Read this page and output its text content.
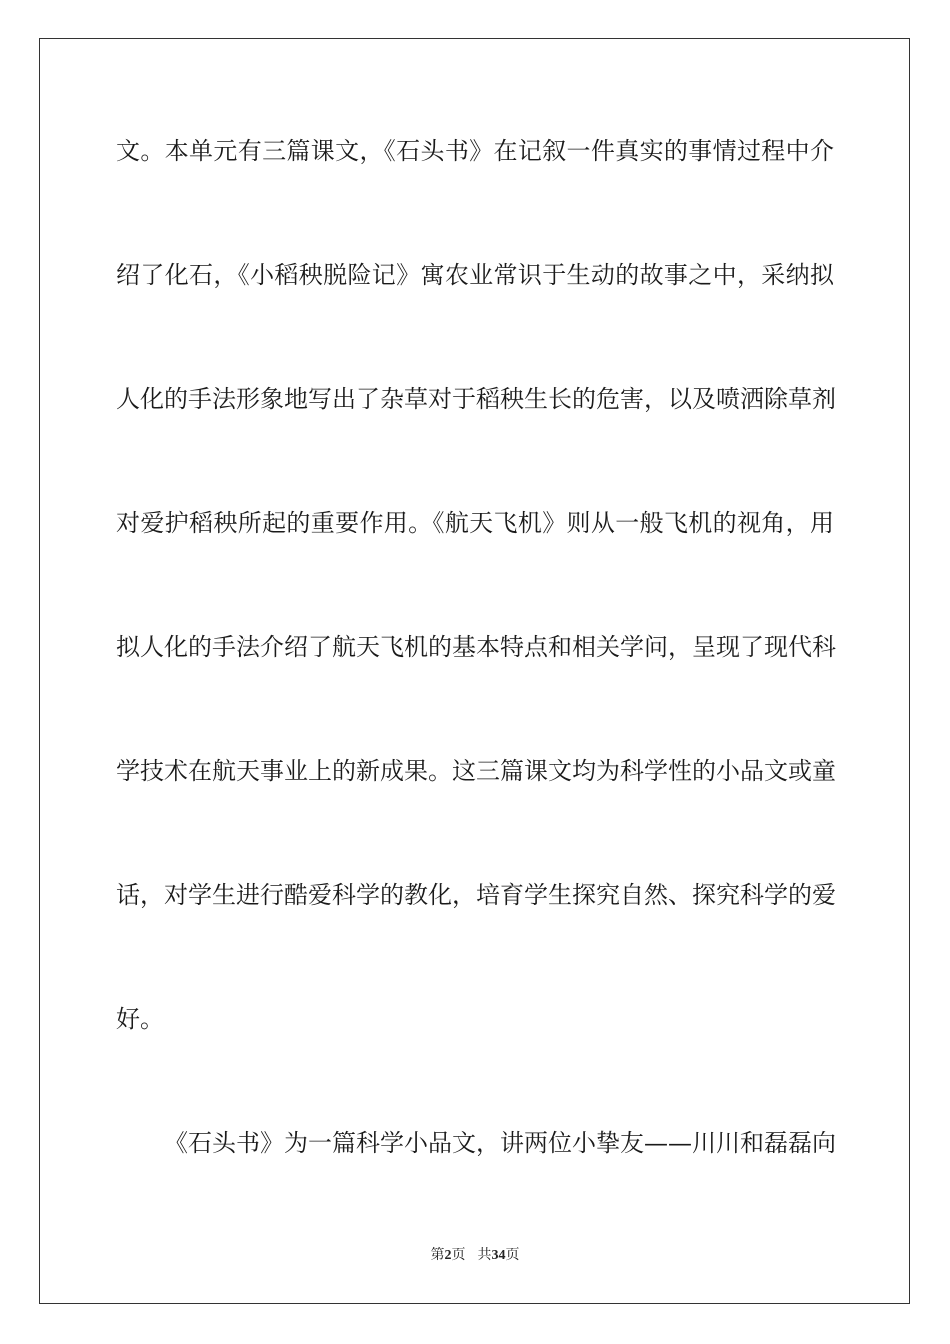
文。本单元有三篇课文，《石头书》在记叙一件真实的事情过程中介
绍了化石，《小稻秧脱险记》寓农业常识于生动的故事之中，采纳拟
人化的手法形象地写出了杂草对于稻秧生长的危害，以及喷洒除草剂
对爱护稻秧所起的重要作用。《航天飞机》则从一般飞机的视角，用
拟人化的手法介绍了航天飞机的基本特点和相关学问，呈现了现代科
学技术在航天事业上的新成果。这三篇课文均为科学性的小品文或童
话，对学生进行酷爱科学的教化，培育学生探究自然、探究科学的爱
好。
《石头书》为一篇科学小品文，讲两位小挚友——川川和磊磊向
第2页 共34页
